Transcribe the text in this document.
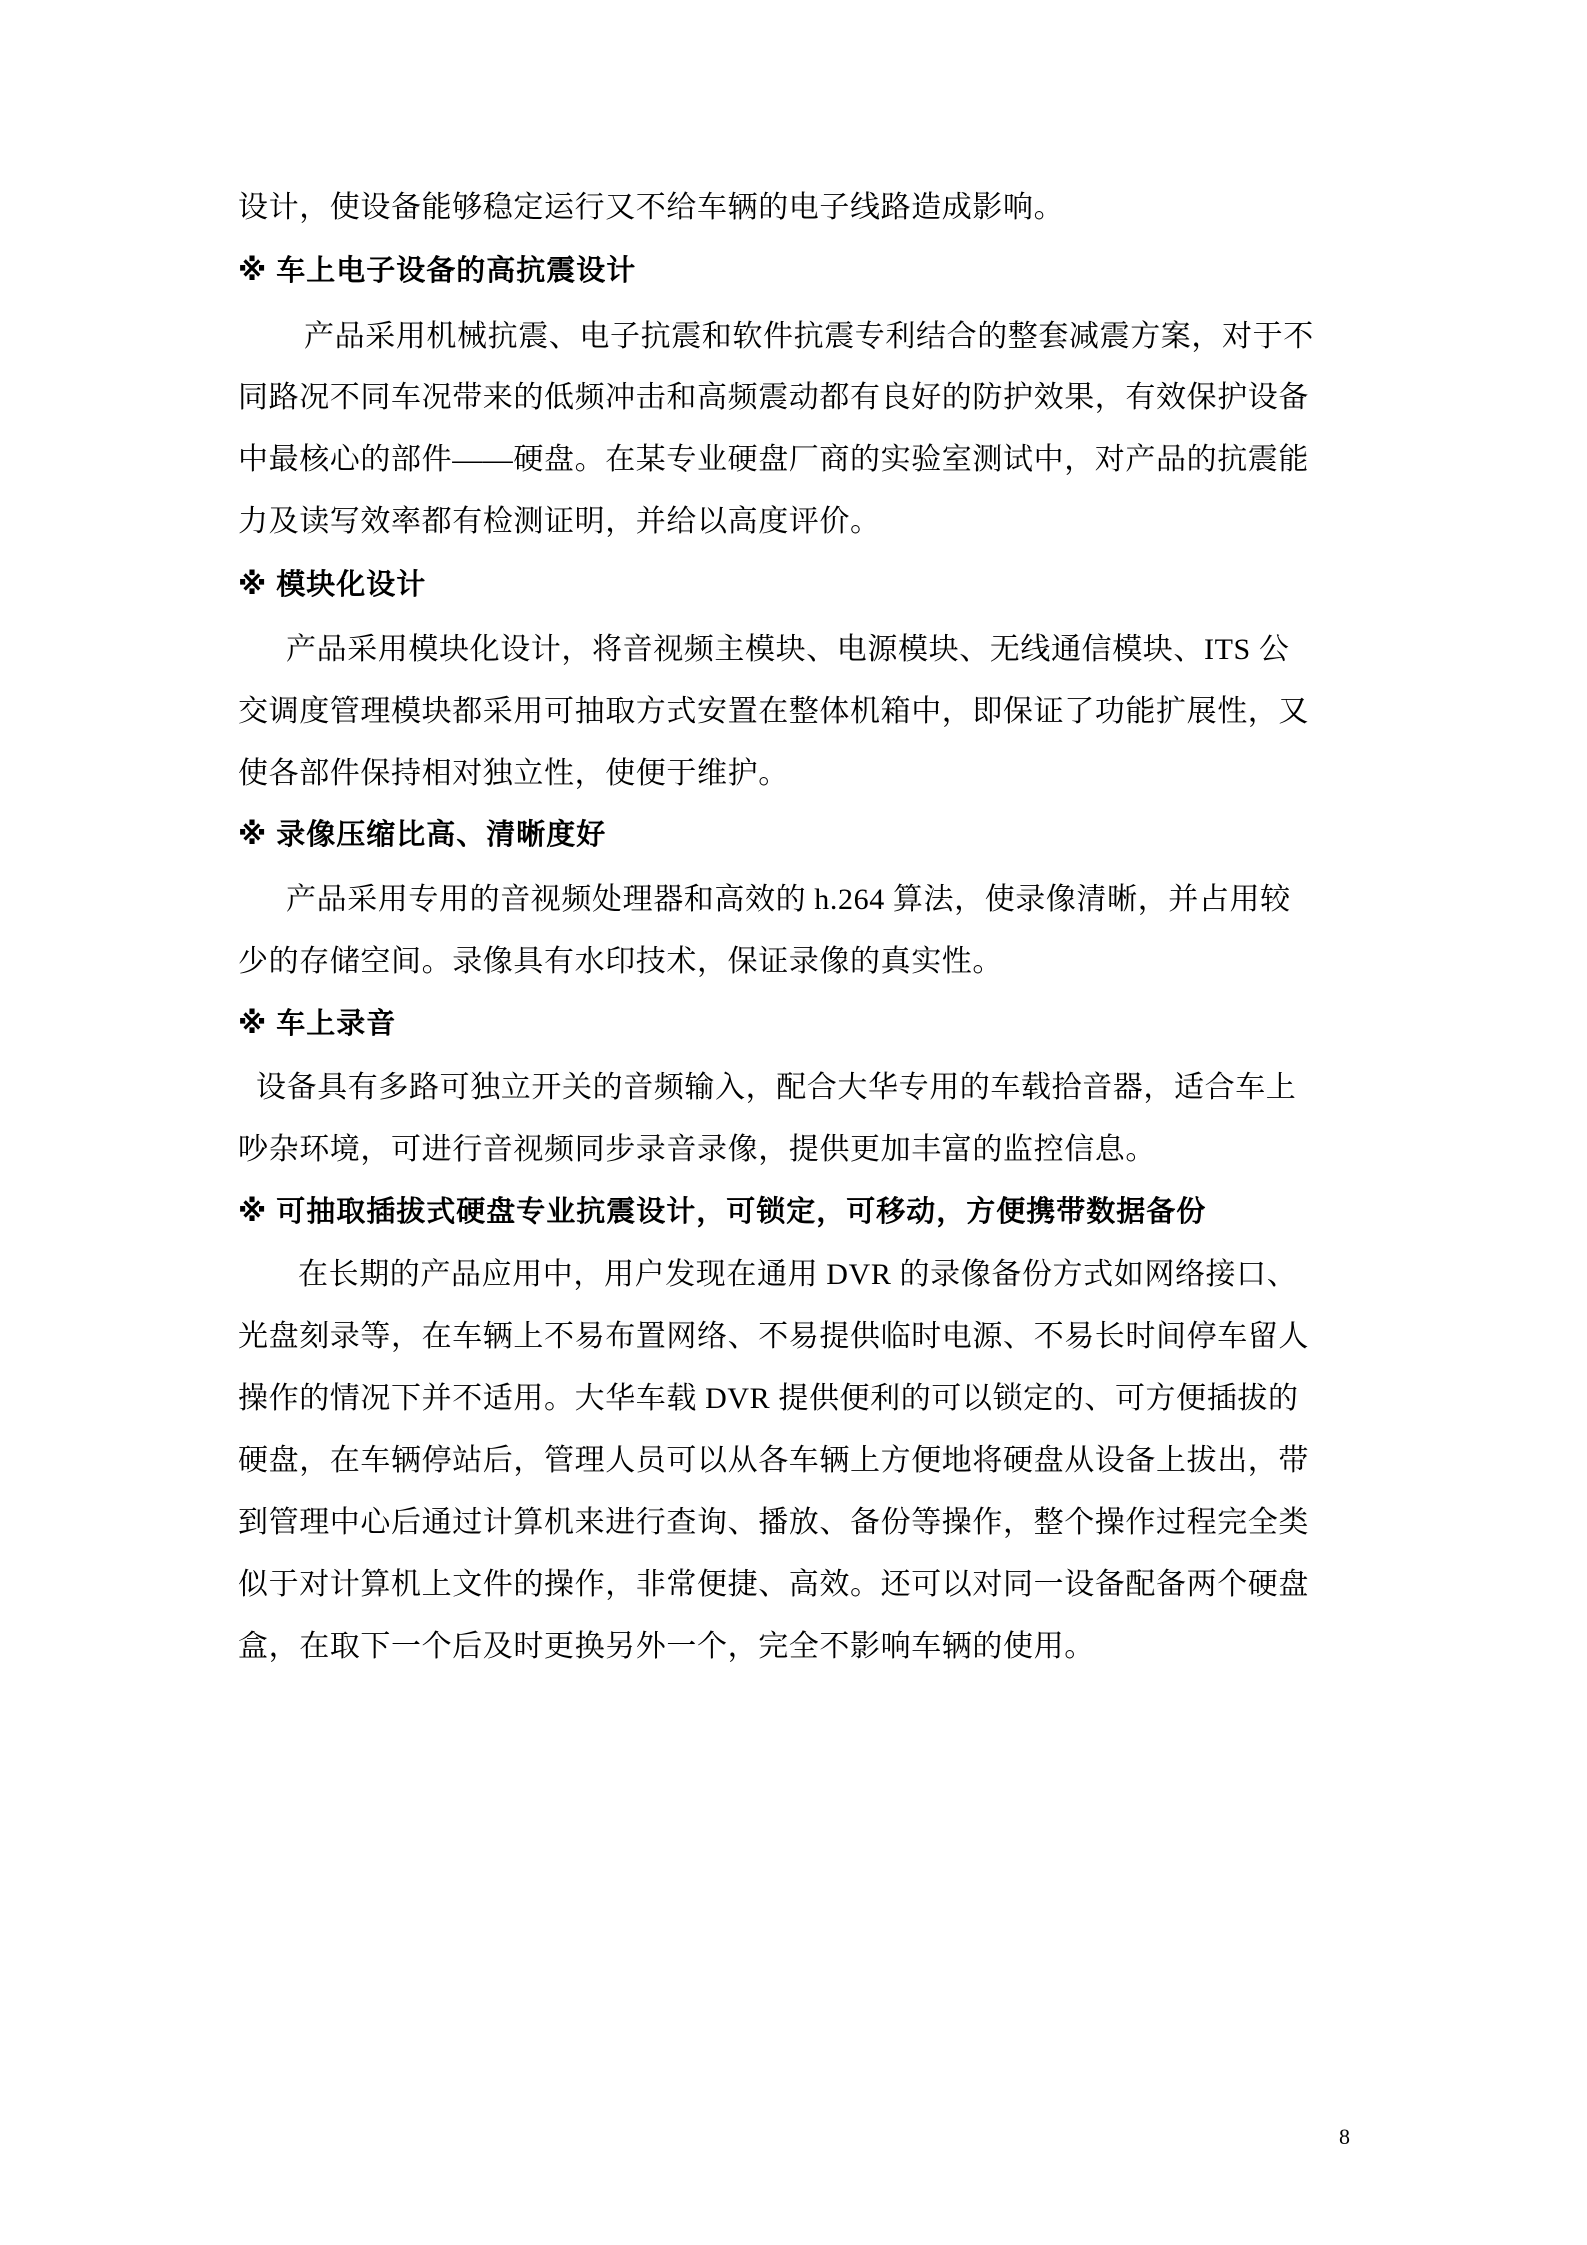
设计，使设备能够稳定运行又不给车辆的电子线路造成影响。
※ 车上电子设备的高抗震设计
产品采用机械抗震、电子抗震和软件抗震专利结合的整套减震方案，对于不
同路况不同车况带来的低频冲击和高频震动都有良好的防护效果，有效保护设备
中最核心的部件——硬盘。在某专业硬盘厂商的实验室测试中，对产品的抗震能
力及读写效率都有检测证明，并给以高度评价。
※ 模块化设计
产品采用模块化设计，将音视频主模块、电源模块、无线通信模块、ITS 公
交调度管理模块都采用可抽取方式安置在整体机箱中，即保证了功能扩展性，又
使各部件保持相对独立性，使便于维护。
※ 录像压缩比高、清晰度好
产品采用专用的音视频处理器和高效的 h.264 算法，使录像清晰，并占用较
少的存储空间。录像具有水印技术，保证录像的真实性。
※ 车上录音
设备具有多路可独立开关的音频输入，配合大华专用的车载拾音器，适合车上
吵杂环境，可进行音视频同步录音录像，提供更加丰富的监控信息。
※ 可抽取插拔式硬盘专业抗震设计，可锁定，可移动，方便携带数据备份
在长期的产品应用中，用户发现在通用 DVR 的录像备份方式如网络接口、
光盘刻录等，在车辆上不易布置网络、不易提供临时电源、不易长时间停车留人
操作的情况下并不适用。大华车载 DVR 提供便利的可以锁定的、可方便插拔的
硬盘，在车辆停站后，管理人员可以从各车辆上方便地将硬盘从设备上拔出，带
到管理中心后通过计算机来进行查询、播放、备份等操作，整个操作过程完全类
似于对计算机上文件的操作，非常便捷、高效。还可以对同一设备配备两个硬盘
盒，在取下一个后及时更换另外一个，完全不影响车辆的使用。
8
